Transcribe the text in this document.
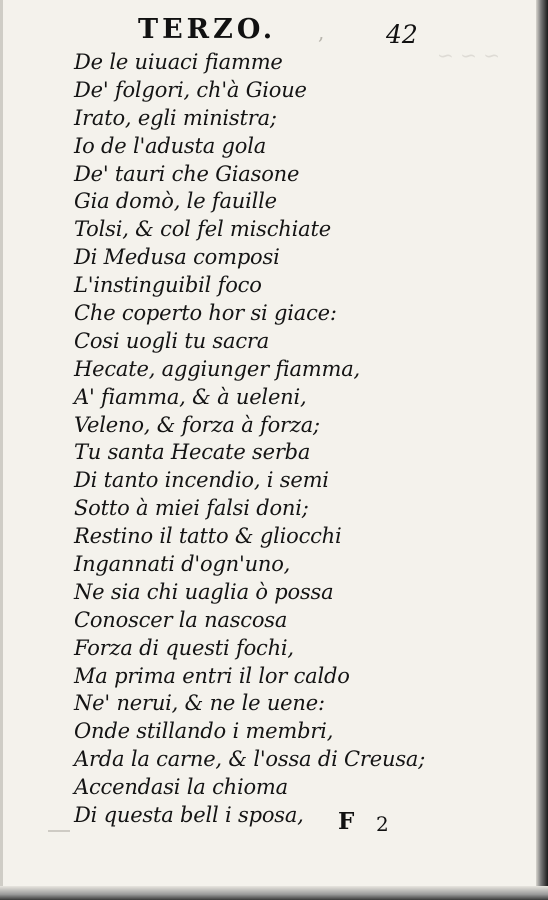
~ ~ ~
TERZO. , 42
De le uiuaci fiamme
De' folgori, ch'à Gioue
Irato, egli ministra;
Io de l'adusta gola
De' tauri che Giasone
Gia domò, le fauille
Tolsi, & col fel mischiate
Di Medusa composi
L'instinguibil foco
Che coperto hor si giace:
Cosi uogli tu sacra
Hecate, aggiunger fiamma,
A' fiamma, & à ueleni,
Veleno, & forza à forza;
Tu santa Hecate serba
Di tanto incendio, i semi
Sotto à miei falsi doni;
Restino il tatto & gliocchi
Ingannati d'ogn'uno,
Ne sia chi uaglia ò possa
Conoscer la nascosa
Forza di questi fochi,
Ma prima entri il lor caldo
Ne' nerui, & ne le uene:
Onde stillando i membri,
Arda la carne, & l'ossa di Creusa;
Accendasi la chioma
Di questa bell i sposa,	F 2
